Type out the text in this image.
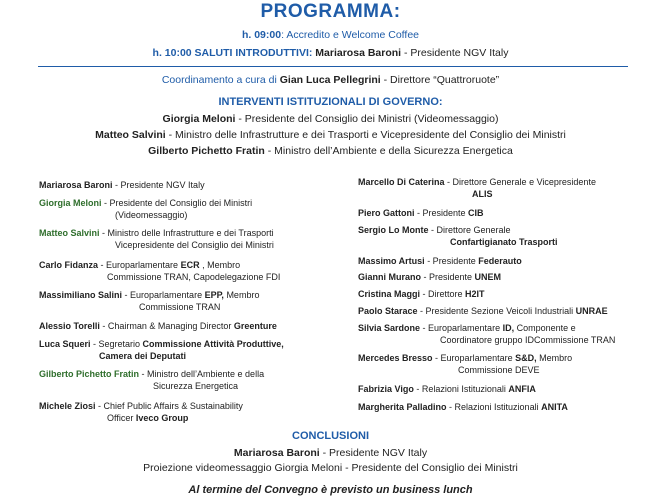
PROGRAMMA:
h. 09:00: Accredito e Welcome Coffee
h. 10:00 SALUTI INTRODUTTIVI: Mariarosa Baroni - Presidente NGV Italy
Coordinamento a cura di Gian Luca Pellegrini - Direttore “Quattroruote”
INTERVENTI ISTITUZIONALI DI GOVERNO:
Giorgia Meloni - Presidente del Consiglio dei Ministri (Videomessaggio)
Matteo Salvini - Ministro delle Infrastrutture e dei Trasporti e Vicepresidente del Consiglio dei Ministri
Gilberto Pichetto Fratin - Ministro dell’Ambiente e della Sicurezza Energetica
Mariarosa Baroni - Presidente NGV Italy
Giorgia Meloni - Presidente del Consiglio dei Ministri
(Videomessaggio)
Matteo Salvini - Ministro delle Infrastrutture e dei Trasporti
Vicepresidente del Consiglio dei Ministri
Carlo Fidanza - Europarlamentare ECR , Membro
Commissione TRAN, Capodelegazione FDI
Massimiliano Salini - Europarlamentare EPP, Membro
Commissione TRAN
Alessio Torelli - Chairman & Managing Director Greenture
Luca Squeri - Segretario Commissione Attività Produttive,
Camera dei Deputati
Gilberto Pichetto Fratin - Ministro dell’Ambiente e della
Sicurezza Energetica
Michele Ziosi - Chief Public Affairs & Sustainability
Officer Iveco Group
Marcello Di Caterina - Direttore Generale e Vicepresidente
ALIS
Piero Gattoni - Presidente CIB
Sergio Lo Monte - Direttore Generale
Confartigianato Trasporti
Massimo Artusi - Presidente Federauto
Gianni Murano - Presidente UNEM
Cristina Maggi - Direttore H2IT
Paolo Starace - Presidente Sezione Veicoli Industriali UNRAE
Silvia Sardone - Europarlamentare ID, Componente e
Coordinatore gruppo IDCommissione TRAN
Mercedes Bresso - Europarlamentare S&D, Membro
Commissione DEVE
Fabrizia Vigo - Relazioni Istituzionali ANFIA
Margherita Palladino - Relazioni Istituzionali ANITA
CONCLUSIONI
Mariarosa Baroni - Presidente NGV Italy
Proiezione videomessaggio Giorgia Meloni - Presidente del Consiglio dei Ministri
Al termine del Convegno è previsto un business lunch
